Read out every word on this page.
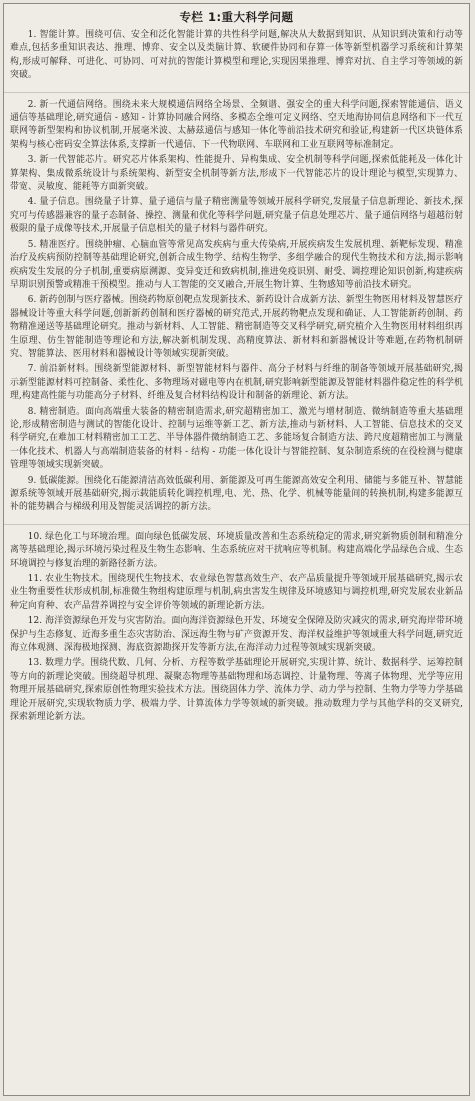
专栏 1:重大科学问题

1. 智能计算。围绕可信、安全和泛化智能计算的共性科学问题,解决从大数据到知识、从知识到决策和行动等难点,包括多重知识表达、推理、博弈、安全以及类脑计算、软硬件协同和存算一体等新型机器学习系统和计算架构,形成可解释、可进化、可协同、可对抗的智能计算模型和理论,实现因果推理、博弈对抗、自主学习等领域的新突破。

2. 新一代通信网络。围绕未来大规模通信网络全场景、全频谱、强安全的重大科学问题,探索智能通信、语义通信等基础理论,研究通信 - 感知 - 计算协同融合网络、多模态全维可定义网络、空天地海协同信息网络和下一代互联网等新型架构和协议机制,开展毫米波、太赫兹通信与感知一体化等前沿技术研究和验证,构建新一代区块链体系架构与核心密码安全算法体系,支撑新一代通信、下一代物联网、车联网和工业互联网等标准制定。

3. 新一代智能芯片。研究芯片体系架构、性能提升、异构集成、安全机制等科学问题,探索低能耗及一体化计算架构、集成微系统设计与系统架构、新型安全机制等新方法,形成下一代智能芯片的设计理论与模型,实现算力、带宽、灵敏度、能耗等方面新突破。

4. 量子信息。围绕量子计算、量子通信与量子精密测量等领域开展科学研究,发展量子信息新理论、新技术,探究可与传感器兼容的量子态制备、操控、测量和优化等科学问题,研究量子信息处理芯片、量子通信网络与超越衍射极限的量子成像等技术,开展量子信息相关的量子材料与器件研究。

5. 精准医疗。围绕肿瘤、心脑血管等常见高发疾病与重大传染病,开展疾病发生发展机理、新靶标发现、精准治疗及疾病预防控制等基础理论研究,创新合成生物学、结构生物学、多组学融合的现代生物技术和方法,揭示影响疾病发生发展的分子机制,重要病原溯源、变异变迁和致病机制,推进免疫识别、耐受、调控理论知识创新,构建疾病早期识别预警或精准干预模型。推动与人工智能的交叉融合,开展生物计算、生物感知等前沿技术研究。

6. 新药创制与医疗器械。围绕药物原创靶点发现新技术、新药设计合成新方法、新型生物医用材料及智慧医疗器械设计等重大科学问题,创新新药创制和医疗器械的研究范式,开展药物靶点发现和确证、人工智能新药创制、药物精准递送等基础理论研究。推动与新材料、人工智能、精密制造等交叉科学研究,研究植介入生物医用材料组织再生原理、仿生智能制造等理论和方法,解决新机制发现、高精度算法、新材料和新器械设计等难题,在药物机制研究、智能算法、医用材料和器械设计等领域实现新突破。

7. 前沿新材料。围绕新型能源材料、新型智能材料与器件、高分子材料与纤维的制备等领域开展基础研究,揭示新型能源材料可控制备、柔性化、多物理场对磁电等内在机制,研究影响新型能源及智能材料器件稳定性的科学机理,构建高性能与功能高分子材料、纤维及复合材料结构设计和制备的新理论、新方法。

8. 精密制造。面向高端重大装备的精密制造需求,研究超精密加工、激光与增材制造、微纳制造等重大基础理论,形成精密制造与测试的智能化设计、控制与运维等新工艺、新方法,推动与新材料、人工智能、信息技术的交叉科学研究,在难加工材料精密加工工艺、半导体器件微纳制造工艺、多能场复合制造方法、跨尺度超精密加工与测量一体化技术、机器人与高端制造装备的材料 - 结构 - 功能一体化设计与智能控制、复杂制造系统的在役检测与健康管理等领域实现新突破。

9. 低碳能源。围绕化石能源清洁高效低碳利用、新能源及可再生能源高效安全利用、储能与多能互补、智慧能源系统等领域开展基础研究,揭示载能质转化调控机理,电、光、热、化学、机械等能量间的转换机制,构建多能源互补的能势耦合与梯级利用及智能灵活调控的新方法。

10. 绿色化工与环境治理。面向绿色低碳发展、环境质量改善和生态系统稳定的需求,研究新物质创制和精准分离等基础理论,揭示环境污染过程及生物生态影响、生态系统应对干扰响应等机制。构建高端化学品绿色合成、生态环境调控与修复治理的新路径新方法。

11. 农业生物技术。围绕现代生物技术、农业绿色智慧高效生产、农产品质量提升等领域开展基础研究,揭示农业生物重要性状形成机制,标准微生物组构建原理与机制,病虫害发生规律及环境感知与调控机理,研究发展农业新品种定向育种、农产品营养调控与安全评价等领域的新理论新方法。

12. 海洋资源绿色开发与灾害防治。面向海洋资源绿色开发、环境安全保障及防灾减灾的需求,研究海岸带环境保护与生态修复、近海多重生态灾害防治、深远海生物与矿产资源开发、海洋权益维护等领域重大科学问题,研究近海立体观测、深海极地探测、海底资源勘探开发等新方法,在海洋动力过程等领域实现新突破。

13. 数理力学。围绕代数、几何、分析、方程等数学基础理论开展研究,实现计算、统计、数据科学、运筹控制等方向的新理论突破。围绕超导机理、凝聚态物理等基础物理和场态调控、计量物理、等离子体物理、光学等应用物理开展基础研究,探索原创性物理实验技术方法。围绕固体力学、流体力学、动力学与控制、生物力学等力学基础理论开展研究,实现软物质力学、极端力学、计算流体力学等领域的新突破。推动数理力学与其他学科的交叉研究,探索新理论新方法。
